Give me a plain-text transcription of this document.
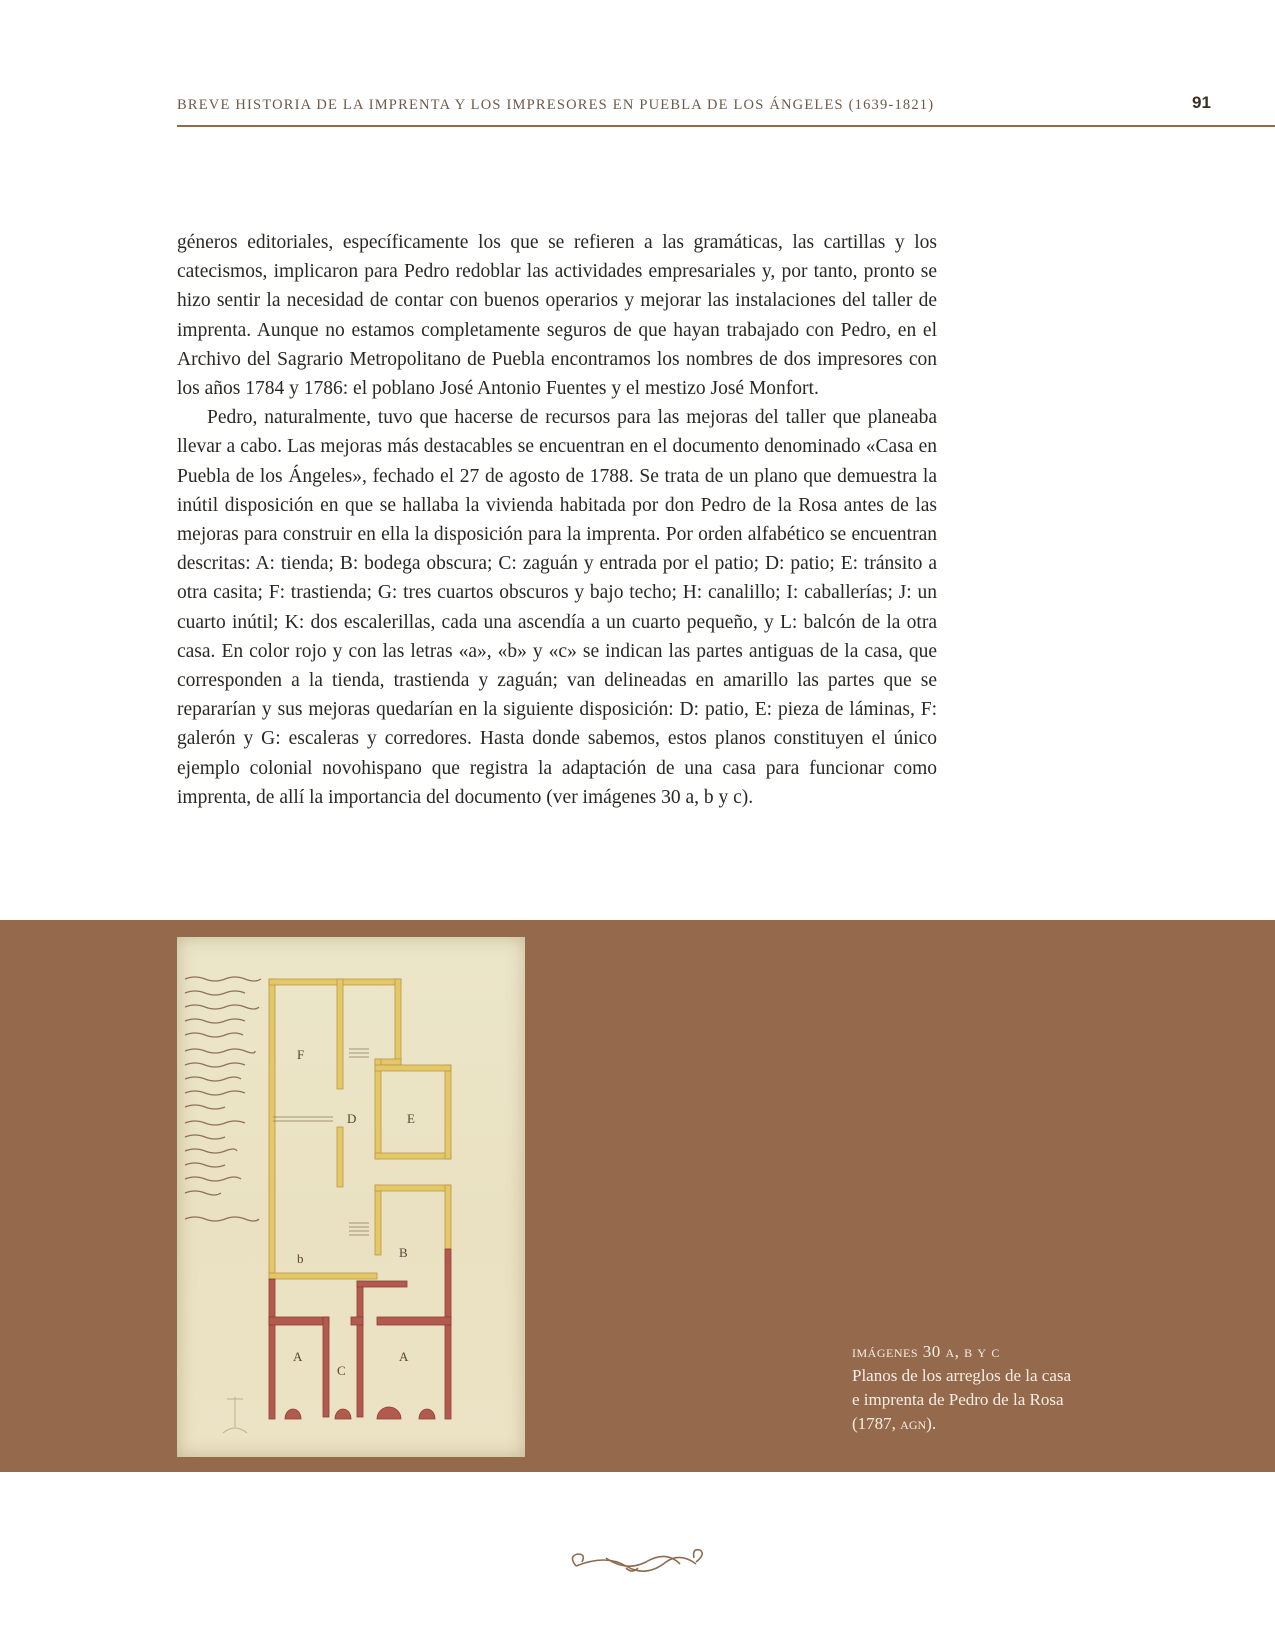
BREVE HISTORIA DE LA IMPRENTA Y LOS IMPRESORES EN PUEBLA DE LOS ÁNGELES (1639-1821)	91

géneros editoriales, específicamente los que se refieren a las gramáticas, las cartillas y los catecismos, implicaron para Pedro redoblar las actividades empresariales y, por tanto, pronto se hizo sentir la necesidad de contar con buenos operarios y mejorar las instalaciones del taller de imprenta. Aunque no estamos completamente seguros de que hayan trabajado con Pedro, en el Archivo del Sagrario Metropolitano de Puebla encontramos los nombres de dos impresores con los años 1784 y 1786: el poblano José Antonio Fuentes y el mestizo José Monfort.

Pedro, naturalmente, tuvo que hacerse de recursos para las mejoras del taller que planeaba llevar a cabo. Las mejoras más destacables se encuentran en el documento denominado «Casa en Puebla de los Ángeles», fechado el 27 de agosto de 1788. Se trata de un plano que demuestra la inútil disposición en que se hallaba la vivienda habitada por don Pedro de la Rosa antes de las mejoras para construir en ella la disposición para la imprenta. Por orden alfabético se encuentran descritas: A: tienda; B: bodega obscura; C: zaguán y entrada por el patio; D: patio; E: tránsito a otra casita; F: trastienda; G: tres cuartos obscuros y bajo techo; H: canalillo; I: caballerías; J: un cuarto inútil; K: dos escalerillas, cada una ascendía a un cuarto pequeño, y L: balcón de la otra casa. En color rojo y con las letras «a», «b» y «c» se indican las partes antiguas de la casa, que corresponden a la tienda, trastienda y zaguán; van delineadas en amarillo las partes que se repararían y sus mejoras quedarían en la siguiente disposición: D: patio, E: pieza de láminas, F: galerón y G: escaleras y corredores. Hasta donde sabemos, estos planos constituyen el único ejemplo colonial novohispano que registra la adaptación de una casa para funcionar como imprenta, de allí la importancia del documento (ver imágenes 30 a, b y c).

F
D	E
b	B
A
C
A	imágenes 30 a, b y c
Planos de los arreglos de la casa e imprenta de Pedro de la Rosa (1787, agn).
